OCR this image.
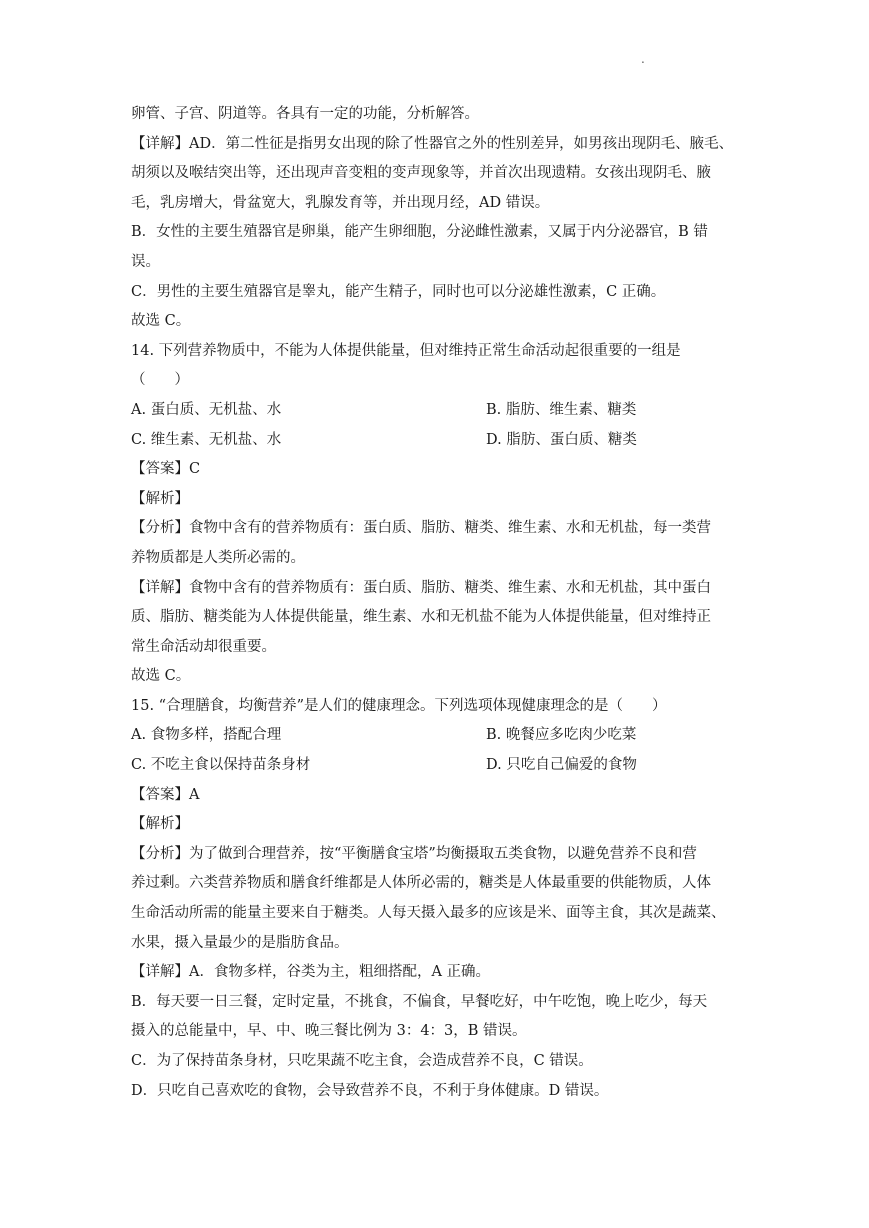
.
卵管、子宫、阴道等。各具有一定的功能，分析解答。
【详解】AD．第二性征是指男女出现的除了性器官之外的性别差异，如男孩出现阴毛、腋毛、
胡须以及喉结突出等，还出现声音变粗的变声现象等，并首次出现遗精。女孩出现阴毛、腋
毛，乳房增大，骨盆宽大，乳腺发育等，并出现月经，AD 错误。
B．女性的主要生殖器官是卵巢，能产生卵细胞，分泌雌性激素，又属于内分泌器官，B 错
误。
C．男性的主要生殖器官是睾丸，能产生精子，同时也可以分泌雄性激素，C 正确。
故选 C。
14. 下列营养物质中，不能为人体提供能量，但对维持正常生命活动起很重要的一组是
（　　）
A. 蛋白质、无机盐、水	B. 脂肪、维生素、糖类
C. 维生素、无机盐、水	D. 脂肪、蛋白质、糖类
【答案】C
【解析】
【分析】食物中含有的营养物质有：蛋白质、脂肪、糖类、维生素、水和无机盐，每一类营
养物质都是人类所必需的。
【详解】食物中含有的营养物质有：蛋白质、脂肪、糖类、维生素、水和无机盐，其中蛋白
质、脂肪、糖类能为人体提供能量，维生素、水和无机盐不能为人体提供能量，但对维持正
常生命活动却很重要。
故选 C。
15. “合理膳食，均衡营养”是人们的健康理念。下列选项体现健康理念的是（　　）
A. 食物多样，搭配合理	B. 晚餐应多吃肉少吃菜
C. 不吃主食以保持苗条身材	D. 只吃自己偏爱的食物
【答案】A
【解析】
【分析】为了做到合理营养，按“平衡膳食宝塔”均衡摄取五类食物，以避免营养不良和营
养过剩。六类营养物质和膳食纤维都是人体所必需的，糖类是人体最重要的供能物质，人体
生命活动所需的能量主要来自于糖类。人每天摄入最多的应该是米、面等主食，其次是蔬菜、
水果，摄入量最少的是脂肪食品。
【详解】A．食物多样，谷类为主，粗细搭配，A 正确。
B．每天要一日三餐，定时定量，不挑食，不偏食，早餐吃好，中午吃饱，晚上吃少，每天
摄入的总能量中，早、中、晚三餐比例为 3：4：3，B 错误。
C．为了保持苗条身材，只吃果蔬不吃主食，会造成营养不良，C 错误。
D．只吃自己喜欢吃的食物，会导致营养不良，不利于身体健康。D 错误。
